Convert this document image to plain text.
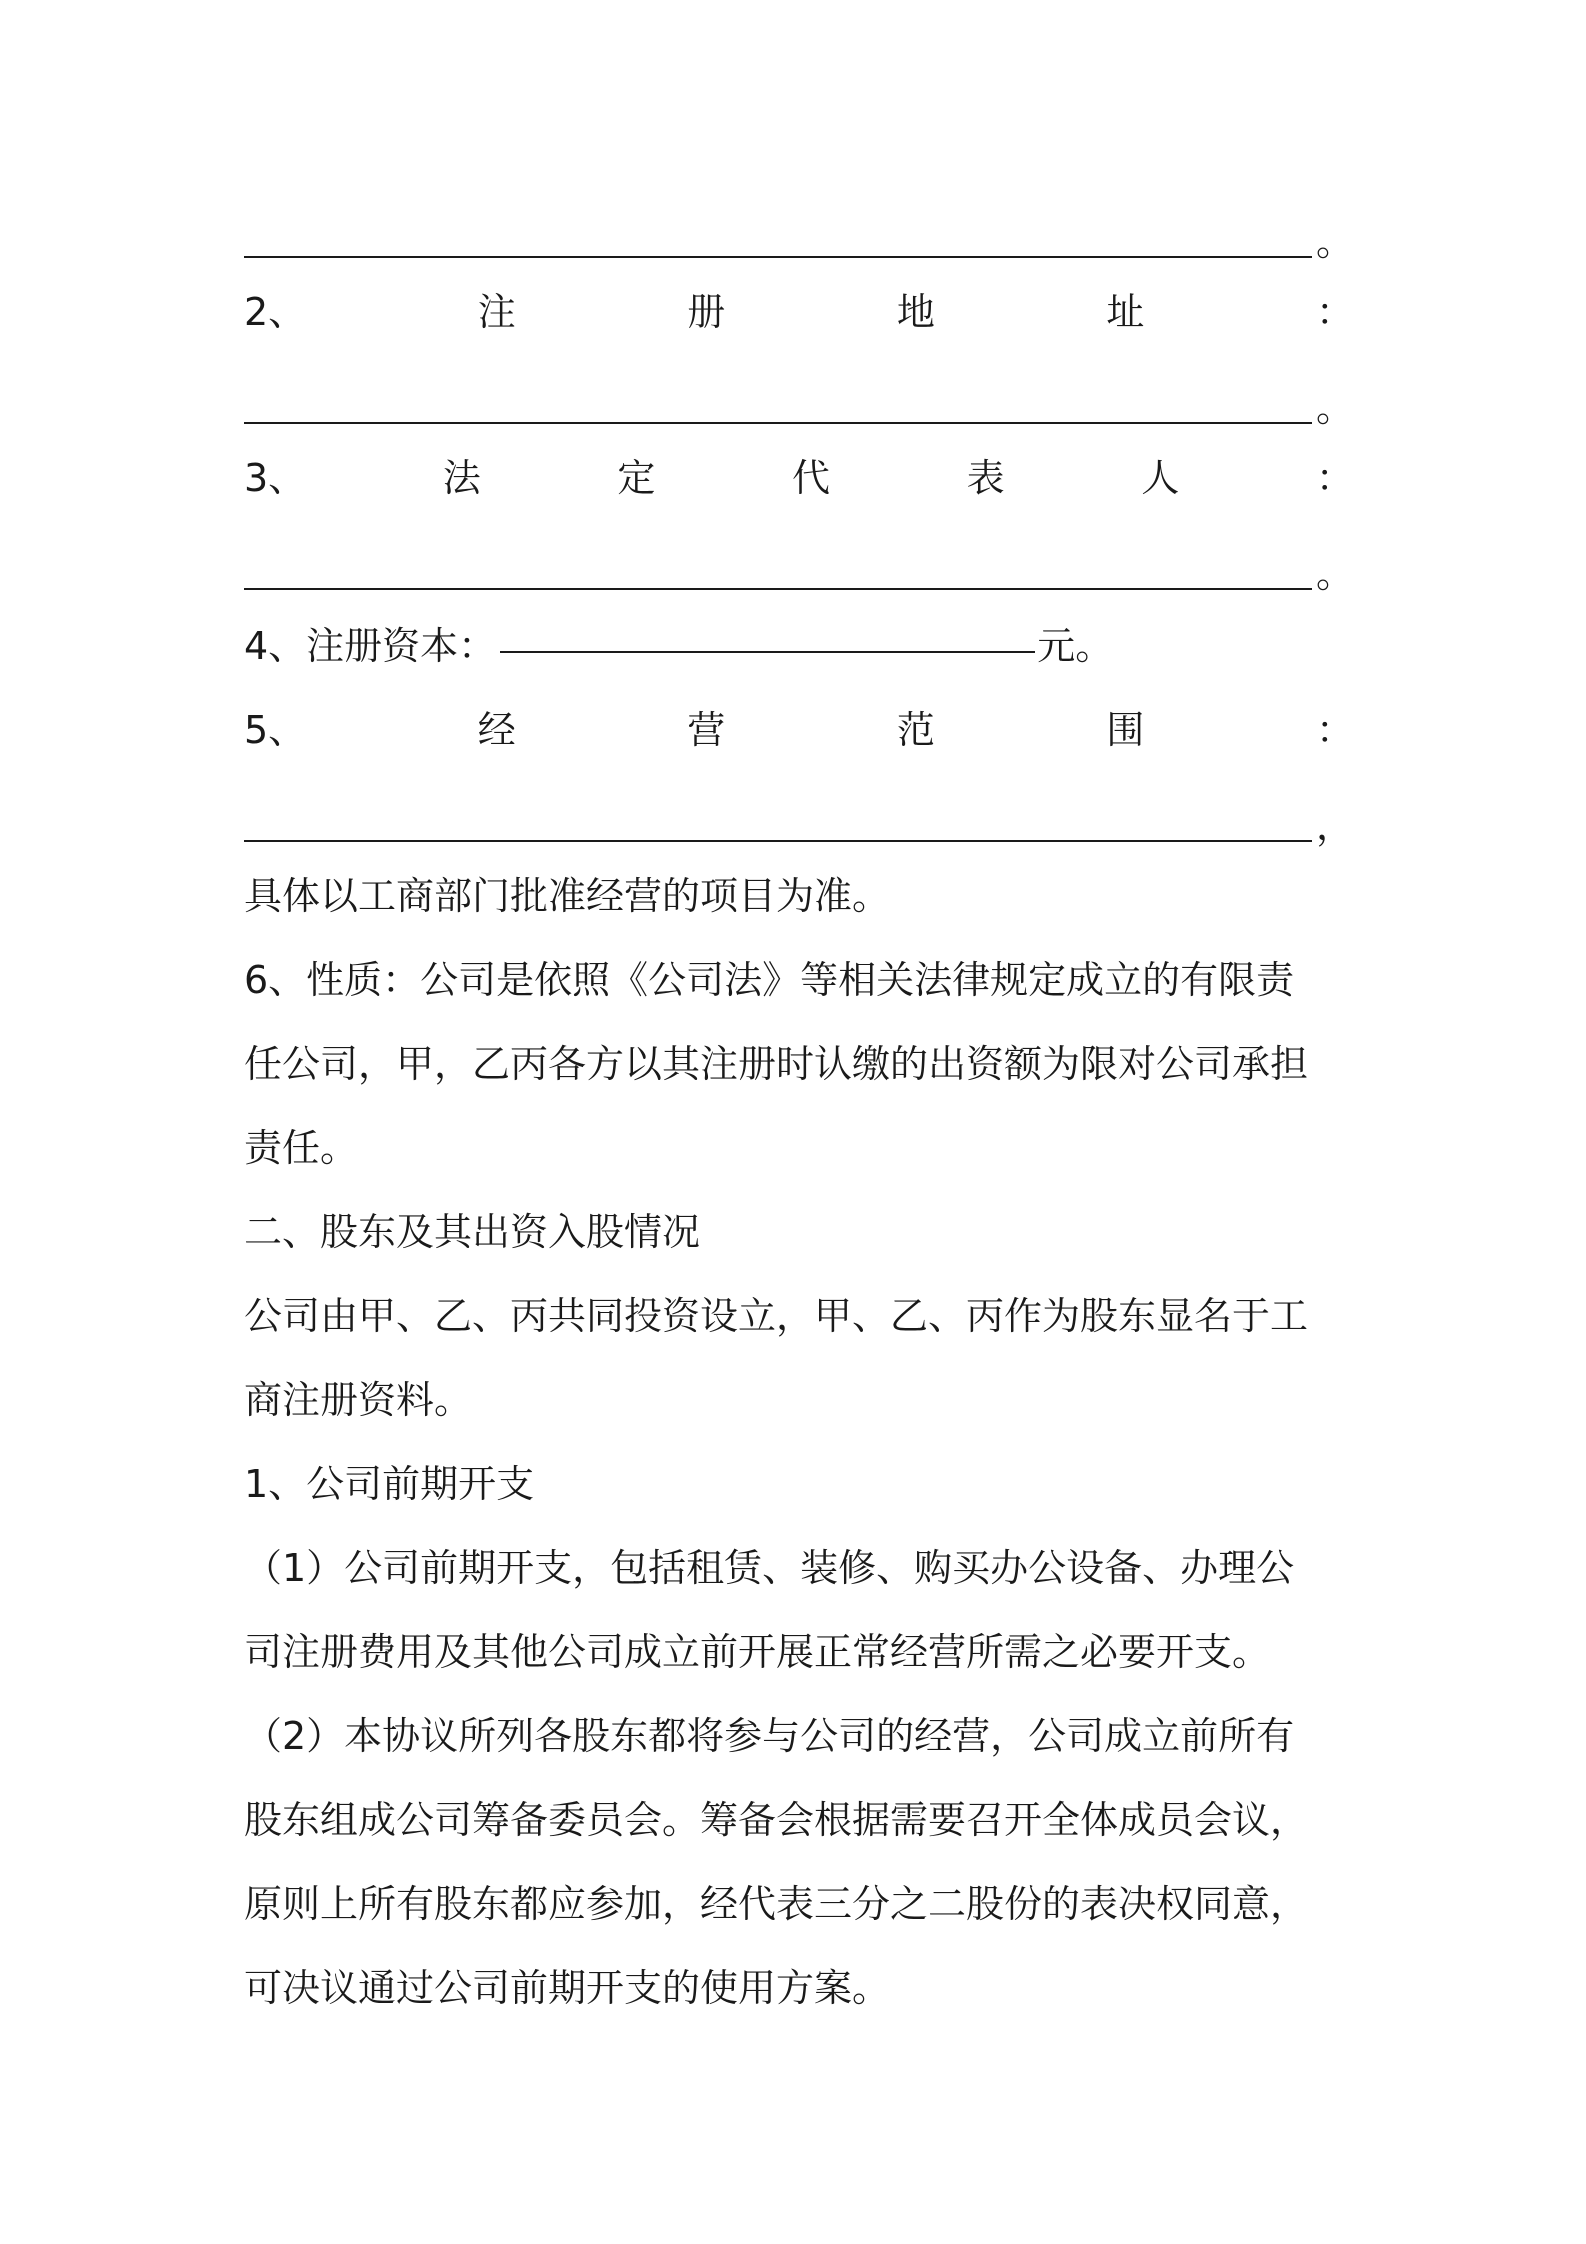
。
2、	注	册	地	址	：
。
3、	法	定	代	表	人	：
。
4、注册资本：	元。
5、	经	营	范	围	：
，
具体以工商部门批准经营的项目为准。
6、性质：公司是依照《公司法》等相关法律规定成立的有限责
任公司，甲，乙丙各方以其注册时认缴的出资额为限对公司承担
责任。
二、股东及其出资入股情况
公司由甲、乙、丙共同投资设立，甲、乙、丙作为股东显名于工
商注册资料。
1、公司前期开支
（1）公司前期开支，包括租赁、装修、购买办公设备、办理公
司注册费用及其他公司成立前开展正常经营所需之必要开支。
（2）本协议所列各股东都将参与公司的经营，公司成立前所有
股东组成公司筹备委员会。筹备会根据需要召开全体成员会议，
原则上所有股东都应参加，经代表三分之二股份的表决权同意，
可决议通过公司前期开支的使用方案。
